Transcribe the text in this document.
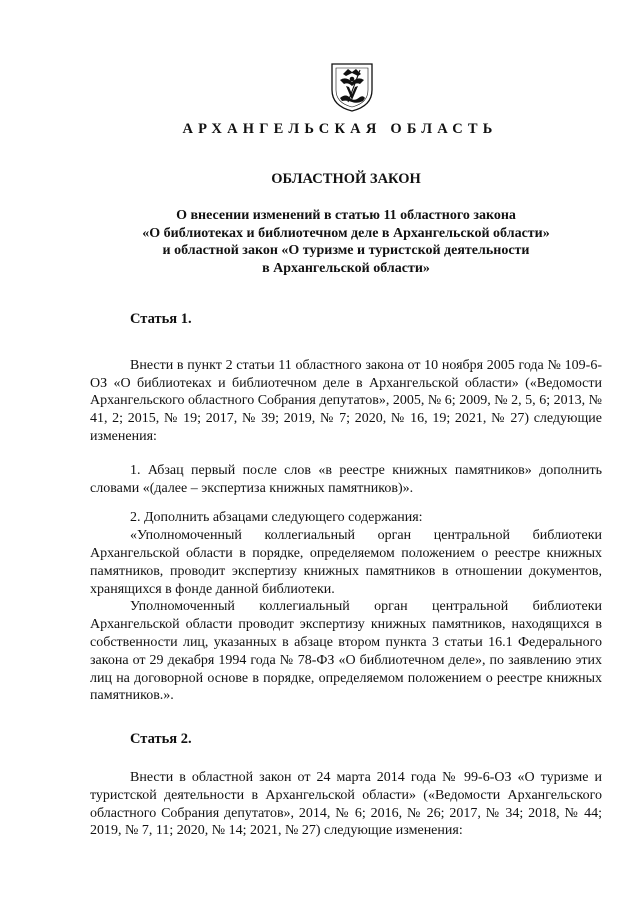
АРХАНГЕЛЬСКАЯ ОБЛАСТЬ
ОБЛАСТНОЙ ЗАКОН
О внесении изменений в статью 11 областного закона
«О библиотеках и библиотечном деле в Архангельской области»
и областной закон «О туризме и туристской деятельности
в Архангельской области»
Статья 1.

Внести в пункт 2 статьи 11 областного закона от 10 ноября 2005 года № 109-6-ОЗ «О библиотеках и библиотечном деле в Архангельской области» («Ведомости Архангельского областного Собрания депутатов», 2005, № 6; 2009, № 2, 5, 6; 2013, № 41, 2; 2015, № 19; 2017, № 39; 2019, № 7; 2020, № 16, 19; 2021, № 27) следующие изменения:

1. Абзац первый после слов «в реестре книжных памятников» дополнить словами «(далее – экспертиза книжных памятников)».

2. Дополнить абзацами следующего содержания:

«Уполномоченный коллегиальный орган центральной библиотеки Архангельской области в порядке, определяемом положением о реестре книжных памятников, проводит экспертизу книжных памятников в отношении документов, хранящихся в фонде данной библиотеки.

Уполномоченный коллегиальный орган центральной библиотеки Архангельской области проводит экспертизу книжных памятников, находящихся в собственности лиц, указанных в абзаце втором пункта 3 статьи 16.1 Федерального закона от 29 декабря 1994 года № 78-ФЗ «О библиотечном деле», по заявлению этих лиц на договорной основе в порядке, определяемом положением о реестре книжных памятников.».

Статья 2.

Внести в областной закон от 24 марта 2014 года № 99-6-ОЗ «О туризме и туристской деятельности в Архангельской области» («Ведомости Архангельского областного Собрания депутатов», 2014, № 6; 2016, № 26; 2017, № 34; 2018, № 44; 2019, № 7, 11; 2020, № 14; 2021, № 27) следующие изменения:
